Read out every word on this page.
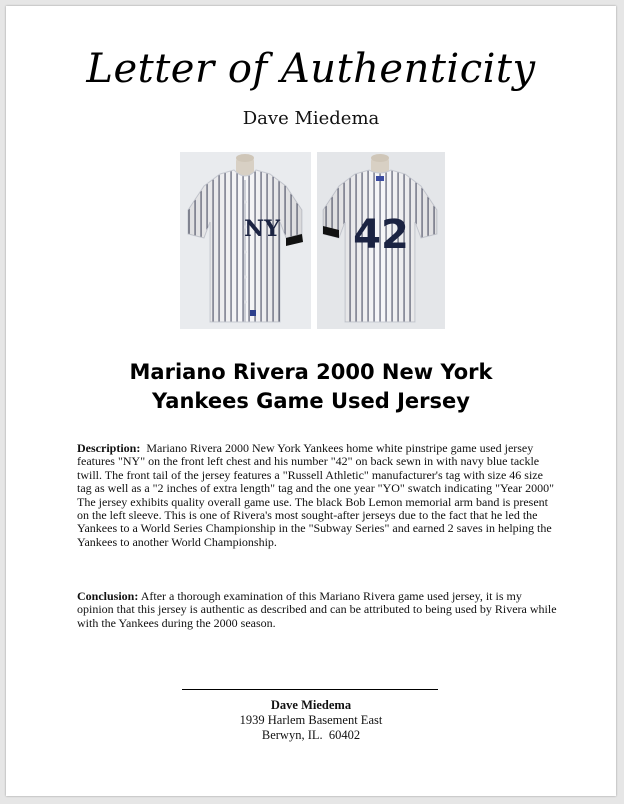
Letter of Authenticity
Dave Miedema
NY 42
Mariano Rivera 2000 New York
Yankees Game Used Jersey
Description: Mariano Rivera 2000 New York Yankees home white pinstripe game used jersey features "NY" on the front left chest and his number "42" on back sewn in with navy blue tackle twill. The front tail of the jersey features a "Russell Athletic" manufacturer's tag with size 46 size tag as well as a "2 inches of extra length" tag and the one year "YO" swatch indicating "Year 2000" The jersey exhibits quality overall game use. The black Bob Lemon memorial arm band is present on the left sleeve. This is one of Rivera's most sought-after jerseys due to the fact that he led the Yankees to a World Series Championship in the "Subway Series" and earned 2 saves in helping the Yankees to another World Championship.
Conclusion: After a thorough examination of this Mariano Rivera game used jersey, it is my opinion that this jersey is authentic as described and can be attributed to being used by Rivera while with the Yankees during the 2000 season.
Dave Miedema
1939 Harlem Basement East
Berwyn, IL.  60402
